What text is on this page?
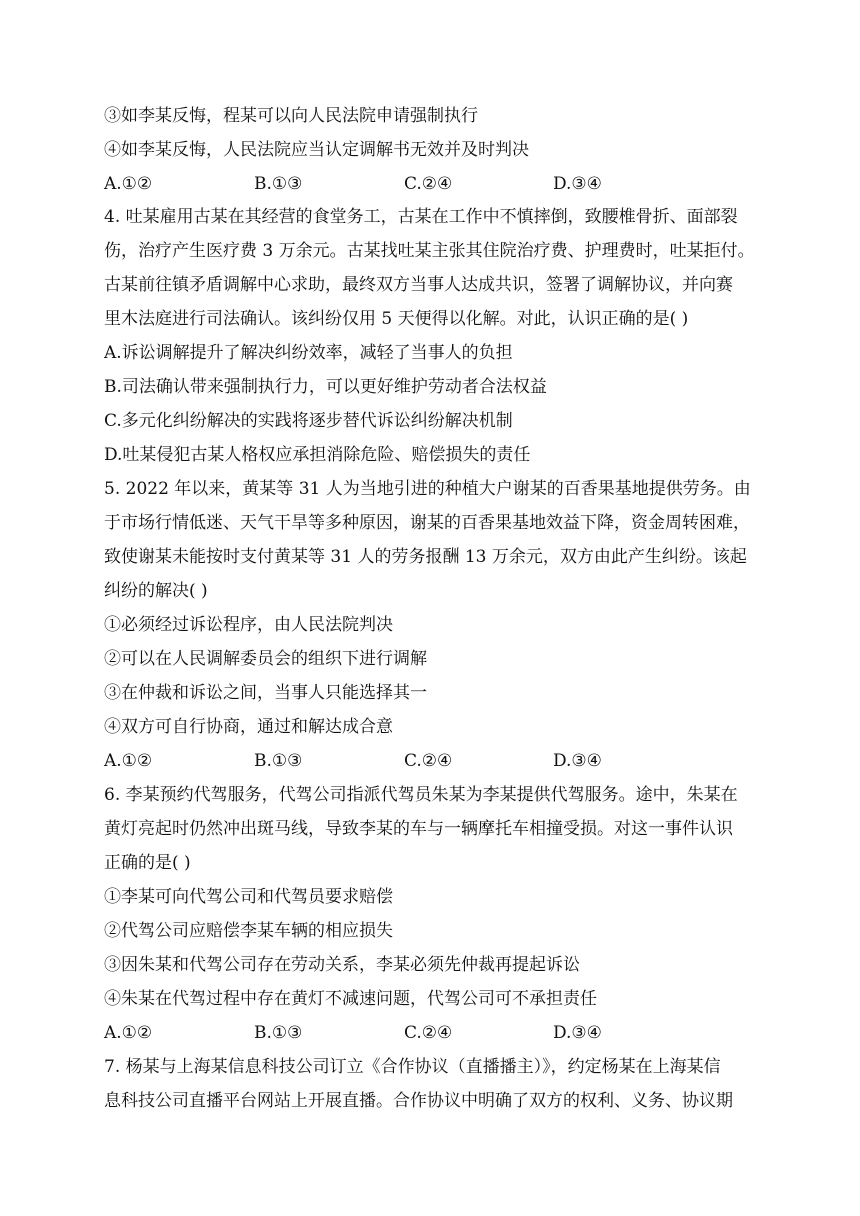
③如李某反悔，程某可以向人民法院申请强制执行
④如李某反悔，人民法院应当认定调解书无效并及时判决
A.①②	B.①③	C.②④	D.③④
4. 吐某雇用古某在其经营的食堂务工，古某在工作中不慎摔倒，致腰椎骨折、面部裂
伤，治疗产生医疗费 3 万余元。古某找吐某主张其住院治疗费、护理费时，吐某拒付。
古某前往镇矛盾调解中心求助，最终双方当事人达成共识，签署了调解协议，并向赛
里木法庭进行司法确认。该纠纷仅用 5 天便得以化解。对此，认识正确的是( )
A.诉讼调解提升了解决纠纷效率，减轻了当事人的负担
B.司法确认带来强制执行力，可以更好维护劳动者合法权益
C.多元化纠纷解决的实践将逐步替代诉讼纠纷解决机制
D.吐某侵犯古某人格权应承担消除危险、赔偿损失的责任
5. 2022 年以来，黄某等 31 人为当地引进的种植大户谢某的百香果基地提供劳务。由
于市场行情低迷、天气干旱等多种原因，谢某的百香果基地效益下降，资金周转困难，
致使谢某未能按时支付黄某等 31 人的劳务报酬 13 万余元，双方由此产生纠纷。该起
纠纷的解决( )
①必须经过诉讼程序，由人民法院判决
②可以在人民调解委员会的组织下进行调解
③在仲裁和诉讼之间，当事人只能选择其一
④双方可自行协商，通过和解达成合意
A.①②	B.①③	C.②④	D.③④
6. 李某预约代驾服务，代驾公司指派代驾员朱某为李某提供代驾服务。途中，朱某在
黄灯亮起时仍然冲出斑马线，导致李某的车与一辆摩托车相撞受损。对这一事件认识
正确的是( )
①李某可向代驾公司和代驾员要求赔偿
②代驾公司应赔偿李某车辆的相应损失
③因朱某和代驾公司存在劳动关系，李某必须先仲裁再提起诉讼
④朱某在代驾过程中存在黄灯不减速问题，代驾公司可不承担责任
A.①②	B.①③	C.②④	D.③④
7. 杨某与上海某信息科技公司订立《合作协议（直播播主）》，约定杨某在上海某信
息科技公司直播平台网站上开展直播。合作协议中明确了双方的权利、义务、协议期
